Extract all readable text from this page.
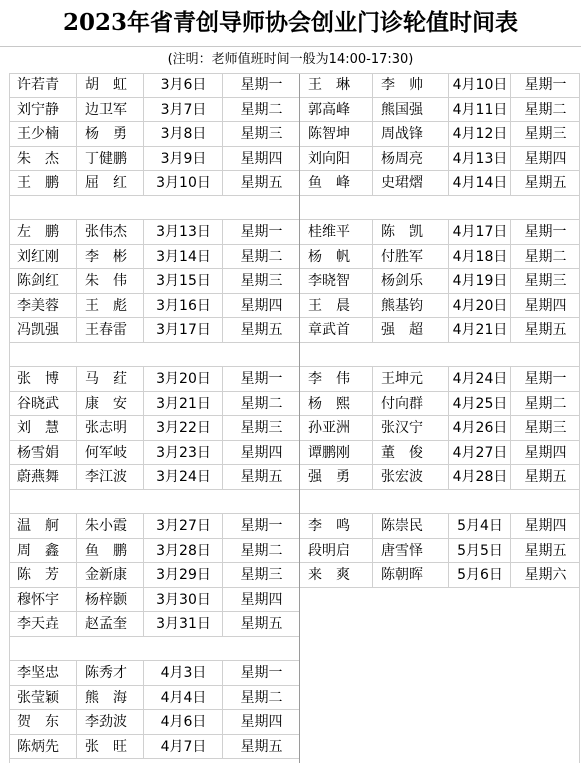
2023年省青创导师协会创业门诊轮值时间表
(注明：老师值班时间一般为14:00-17:30)
许若青	胡　虹	3月6日	星期一
刘宁静	边卫军	3月7日	星期二
王少楠	杨　勇	3月8日	星期三
朱　杰	丁健鹏	3月9日	星期四
王　鹏	屈　红	3月10日	星期五
左　鹏	张伟杰	3月13日	星期一
刘红刚	李　彬	3月14日	星期二
陈剑红	朱　伟	3月15日	星期三
李美蓉	王　彪	3月16日	星期四
冯凯强	王春雷	3月17日	星期五
张　博	马　荭	3月20日	星期一
谷晓武	康　安	3月21日	星期二
刘　慧	张志明	3月22日	星期三
杨雪娟	何军岐	3月23日	星期四
蔚燕舞	李江波	3月24日	星期五
温　舸	朱小霞	3月27日	星期一
周　鑫	鱼　鹏	3月28日	星期二
陈　芳	金新康	3月29日	星期三
穆怀宇	杨梓颢	3月30日	星期四
李天垚	赵孟奎	3月31日	星期五
李坚忠	陈秀才	4月3日	星期一
张莹颖	熊　海	4月4日	星期二
贺　东	李劲波	4月6日	星期四
陈炳先	张　旺	4月7日	星期五
王　琳	李　帅	4月10日	星期一
郭高峰	熊国强	4月11日	星期二
陈智坤	周战锋	4月12日	星期三
刘向阳	杨周亮	4月13日	星期四
鱼　峰	史珺熠	4月14日	星期五
桂维平	陈　凯	4月17日	星期一
杨　帆	付胜军	4月18日	星期二
李晓智	杨剑乐	4月19日	星期三
王　晨	熊基钧	4月20日	星期四
章武首	强　超	4月21日	星期五
李　伟	王坤元	4月24日	星期一
杨　熙	付向群	4月25日	星期二
孙亚洲	张汉宁	4月26日	星期三
谭鹏刚	董　俊	4月27日	星期四
强　勇	张宏波	4月28日	星期五
李　鸣	陈崇民	5月4日	星期四
段明启	唐雪怿	5月5日	星期五
来　爽	陈朝晖	5月6日	星期六
